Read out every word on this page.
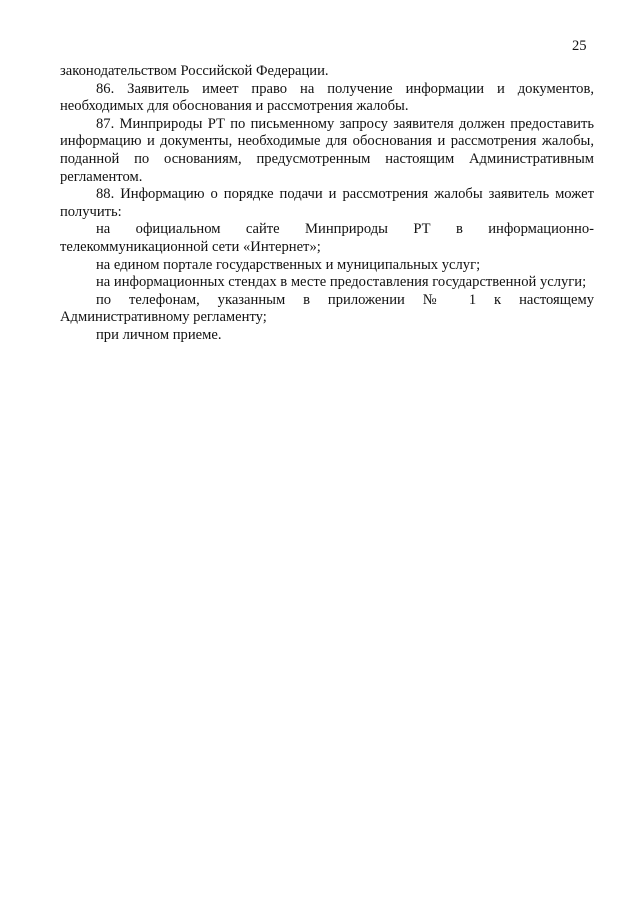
25

законодательством Российской Федерации.

86. Заявитель имеет право на получение информации и документов, необходимых для обоснования и рассмотрения жалобы.

87. Минприроды РТ по письменному запросу заявителя должен предоставить информацию и документы, необходимые для обоснования и рассмотрения жалобы, поданной по основаниям, предусмотренным настоящим Административным регламентом.

88. Информацию о порядке подачи и рассмотрения жалобы заявитель может получить:

на официальном сайте Минприроды РТ в информационно-телекоммуникационной сети «Интернет»;

на едином портале государственных и муниципальных услуг;

на информационных стендах в месте предоставления государственной услуги;

по телефонам, указанным в приложении № 1 к настоящему Административному регламенту;

при личном приеме.
